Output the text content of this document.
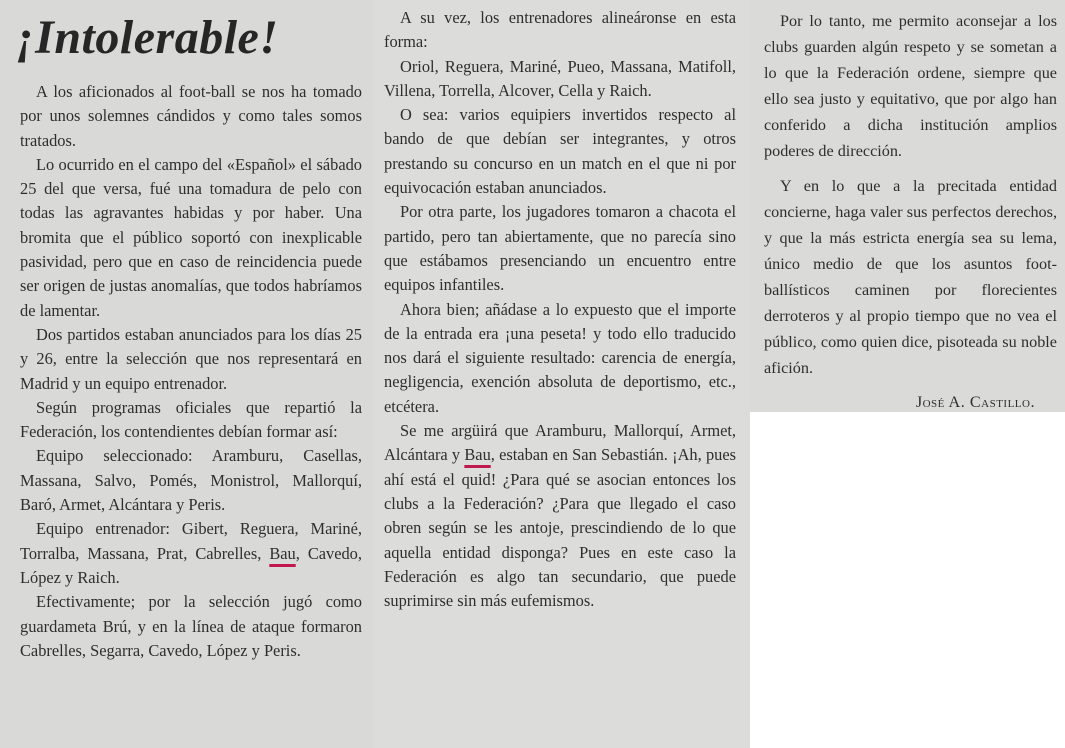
¡Intolerable!

A los aficionados al foot-ball se nos ha tomado por unos solemnes cándidos y como tales somos tratados.

Lo ocurrido en el campo del «Español» el sábado 25 del que versa, fué una tomadura de pelo con todas las agravantes habidas y por haber. Una bromita que el público soportó con inexplicable pasividad, pero que en caso de reincidencia puede ser origen de justas anomalías, que todos habríamos de lamentar.

Dos partidos estaban anunciados para los días 25 y 26, entre la selección que nos representará en Madrid y un equipo entrenador.

Según programas oficiales que repartió la Federación, los contendientes debían formar así:

Equipo seleccionado: Aramburu, Casellas, Massana, Salvo, Pomés, Monistrol, Mallorquí, Baró, Armet, Alcántara y Peris.

Equipo entrenador: Gibert, Reguera, Mariné, Torralba, Massana, Prat, Cabrelles, Bau, Cavedo, López y Raich.

Efectivamente; por la selección jugó como guardameta Brú, y en la línea de ataque formaron Cabrelles, Segarra, Cavedo, López y Peris.

A su vez, los entrenadores alineáronse en esta forma:

Oriol, Reguera, Mariné, Pueo, Massana, Matifoll, Villena, Torrella, Alcover, Cella y Raich.

O sea: varios equipiers invertidos respecto al bando de que debían ser integrantes, y otros prestando su concurso en un match en el que ni por equivocación estaban anunciados.

Por otra parte, los jugadores tomaron a chacota el partido, pero tan abiertamente, que no parecía sino que estábamos presenciando un encuentro entre equipos infantiles.

Ahora bien; añádase a lo expuesto que el importe de la entrada era ¡una peseta! y todo ello traducido nos dará el siguiente resultado: carencia de energía, negligencia, exención absoluta de deportismo, etc., etcétera.

Se me argüirá que Aramburu, Mallorquí, Armet, Alcántara y Bau, estaban en San Sebastián. ¡Ah, pues ahí está el quid! ¿Para qué se asocian entonces los clubs a la Federación? ¿Para que llegado el caso obren según se les antoje, prescindiendo de lo que aquella entidad disponga? Pues en este caso la Federación es algo tan secundario, que puede suprimirse sin más eufemismos.

Por lo tanto, me permito aconsejar a los clubs guarden algún respeto y se sometan a lo que la Federación ordene, siempre que ello sea justo y equitativo, que por algo han conferido a dicha institución amplios poderes de dirección.

Y en lo que a la precitada entidad concierne, haga valer sus perfectos derechos, y que la más estricta energía sea su lema, único medio de que los asuntos foot-ballísticos caminen por florecientes derroteros y al propio tiempo que no vea el público, como quien dice, pisoteada su noble afición.

José A. Castillo.
